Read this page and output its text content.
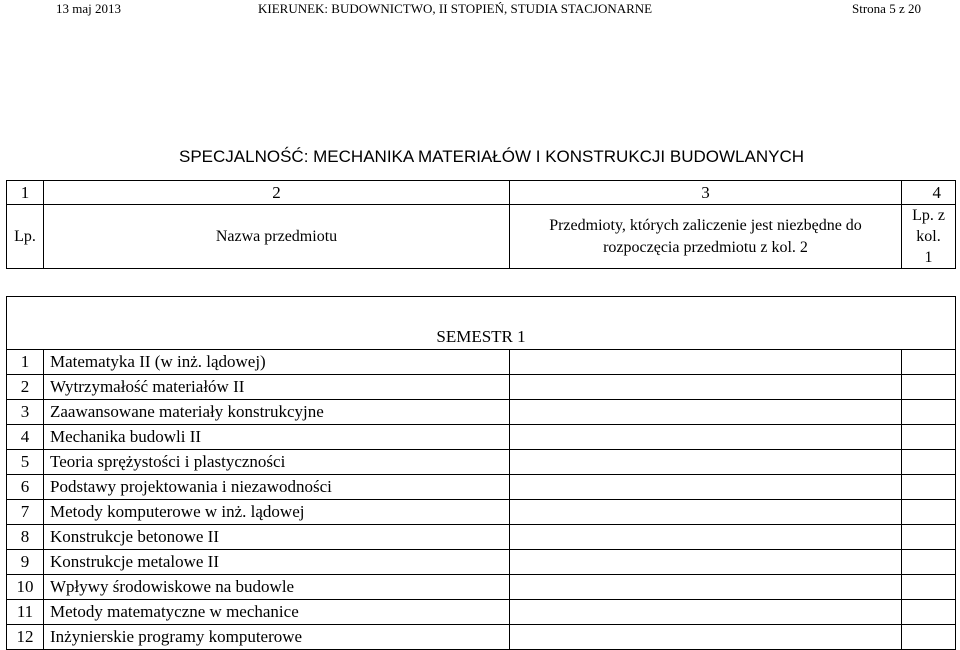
13 maj 2013	KIERUNEK: BUDOWNICTWO, II STOPIEŃ, STUDIA STACJONARNE	Strona 5 z 20
SPECJALNOŚĆ: MECHANIKA MATERIAŁÓW I KONSTRUKCJI BUDOWLANYCH
1	2	3	4
Lp.	Nazwa przedmiotu	Przedmioty, których zaliczenie jest niezbędne do rozpoczęcia przedmiotu z kol. 2	Lp. z
kol.
1
SEMESTR 1			
1	Matematyka II (w inż. lądowej)		
2	Wytrzymałość materiałów II		
3	Zaawansowane materiały konstrukcyjne		
4	Mechanika budowli II		
5	Teoria sprężystości i plastyczności		
6	Podstawy projektowania i niezawodności		
7	Metody komputerowe w inż. lądowej		
8	Konstrukcje betonowe II		
9	Konstrukcje metalowe II		
10	Wpływy środowiskowe na budowle		
11	Metody matematyczne w mechanice		
12	Inżynierskie programy komputerowe		
